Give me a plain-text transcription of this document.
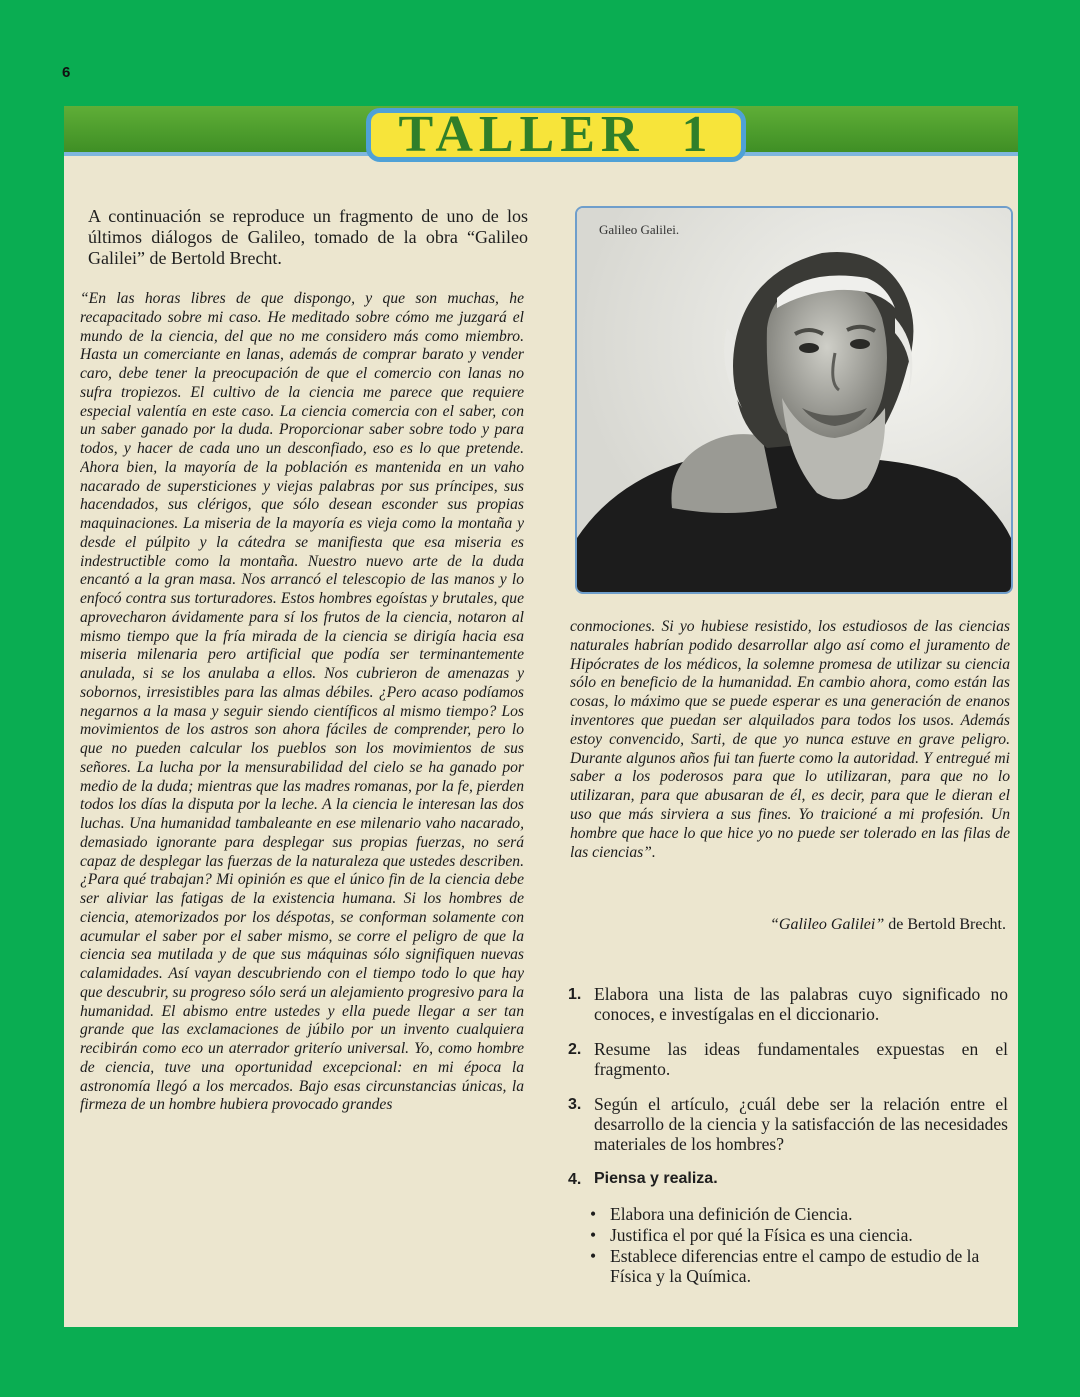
6
TALLER 1

A continuación se reproduce un fragmento de uno de los últimos diálogos de Galileo, tomado de la obra “Galileo Galilei” de Bertold Brecht.

“En las horas libres de que dispongo, y que son muchas, he recapacitado sobre mi caso. He meditado sobre cómo me juzgará el mundo de la ciencia, del que no me considero más como miembro. Hasta un comerciante en lanas, además de comprar barato y vender caro, debe tener la preocupación de que el comercio con lanas no sufra tropiezos. El cultivo de la ciencia me parece que requiere especial valentía en este caso. La ciencia comercia con el saber, con un saber ganado por la duda. Proporcionar saber sobre todo y para todos, y hacer de cada uno un desconfiado, eso es lo que pretende. Ahora bien, la mayoría de la población es mantenida en un vaho nacarado de supersticiones y viejas palabras por sus príncipes, sus hacendados, sus clérigos, que sólo desean esconder sus propias maquinaciones. La miseria de la mayoría es vieja como la montaña y desde el púlpito y la cátedra se manifiesta que esa miseria es indestructible como la montaña. Nuestro nuevo arte de la duda encantó a la gran masa. Nos arrancó el telescopio de las manos y lo enfocó contra sus torturadores. Estos hombres egoístas y brutales, que aprovecharon ávidamente para sí los frutos de la ciencia, notaron al mismo tiempo que la fría mirada de la ciencia se dirigía hacia esa miseria milenaria pero artificial que podía ser terminantemente anulada, si se los anulaba a ellos. Nos cubrieron de amenazas y sobornos, irresistibles para las almas débiles. ¿Pero acaso podíamos negarnos a la masa y seguir siendo científicos al mismo tiempo? Los movimientos de los astros son ahora fáciles de comprender, pero lo que no pueden calcular los pueblos son los movimientos de sus señores. La lucha por la mensurabilidad del cielo se ha ganado por medio de la duda; mientras que las madres romanas, por la fe, pierden todos los días la disputa por la leche. A la ciencia le interesan las dos luchas. Una humanidad tambaleante en ese milenario vaho nacarado, demasiado ignorante para desplegar sus propias fuerzas, no será capaz de desplegar las fuerzas de la naturaleza que ustedes describen. ¿Para qué trabajan? Mi opinión es que el único fin de la ciencia debe ser aliviar las fatigas de la existencia humana. Si los hombres de ciencia, atemorizados por los déspotas, se conforman solamente con acumular el saber por el saber mismo, se corre el peligro de que la ciencia sea mutilada y de que sus máquinas sólo signifiquen nuevas calamidades. Así vayan descubriendo con el tiempo todo lo que hay que descubrir, su progreso sólo será un alejamiento progresivo para la humanidad. El abismo entre ustedes y ella puede llegar a ser tan grande que las exclamaciones de júbilo por un invento cualquiera recibirán como eco un aterrador griterío universal. Yo, como hombre de ciencia, tuve una oportunidad excepcional: en mi época la astronomía llegó a los mercados. Bajo esas circunstancias únicas, la firmeza de un hombre hubiera provocado grandes

Galileo Galilei.

conmociones. Si yo hubiese resistido, los estudiosos de las ciencias naturales habrían podido desarrollar algo así como el juramento de Hipócrates de los médicos, la solemne promesa de utilizar su ciencia sólo en beneficio de la humanidad. En cambio ahora, como están las cosas, lo máximo que se puede esperar es una generación de enanos inventores que puedan ser alquilados para todos los usos. Además estoy convencido, Sarti, de que yo nunca estuve en grave peligro. Durante algunos años fui tan fuerte como la autoridad. Y entregué mi saber a los poderosos para que lo utilizaran, para que no lo utilizaran, para que abusaran de él, es decir, para que le dieran el uso que más sirviera a sus fines. Yo traicioné a mi profesión. Un hombre que hace lo que hice yo no puede ser tolerado en las filas de las ciencias”.

“Galileo Galilei” de Bertold Brecht.
1. Elabora una lista de las palabras cuyo significado no conoces, e investígalas en el diccionario.
2. Resume las ideas fundamentales expuestas en el fragmento.
3. Según el artículo, ¿cuál debe ser la relación entre el desarrollo de la ciencia y la satisfacción de las necesidades materiales de los hombres?
4. Piensa y realiza.
• Elabora una definición de Ciencia.
• Justifica el por qué la Física es una ciencia.
• Establece diferencias entre el campo de estudio de la Física y la Química.
